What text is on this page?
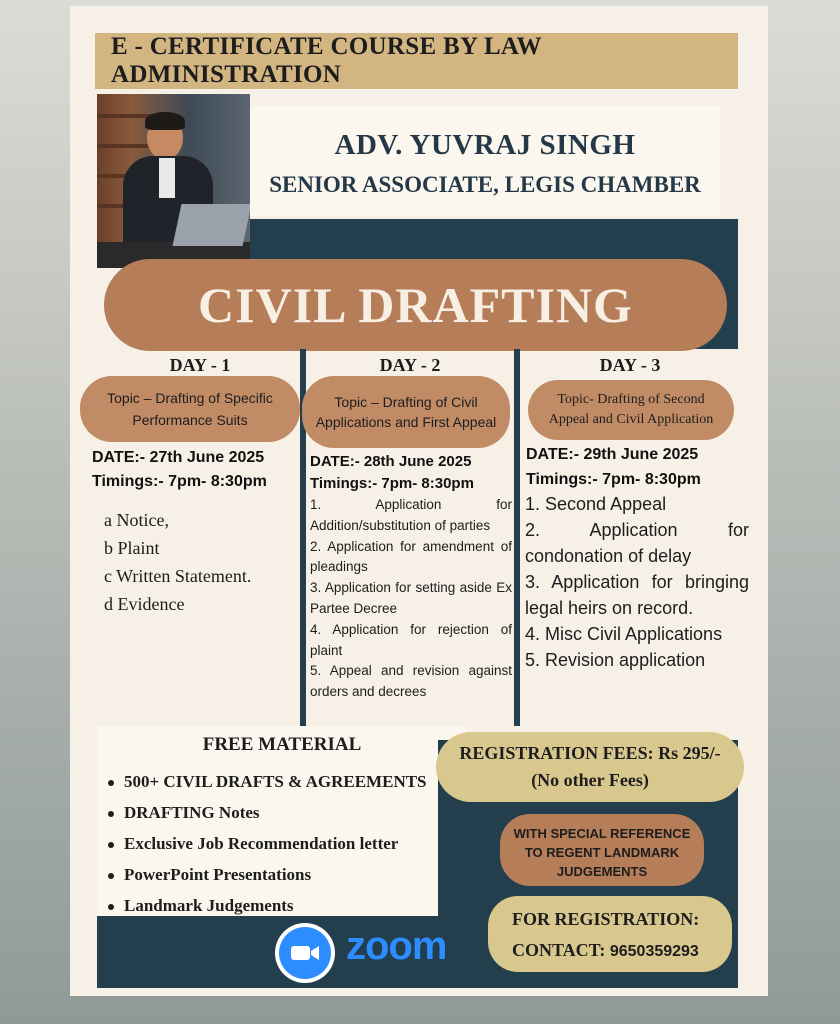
E - CERTIFICATE COURSE BY LAW ADMINISTRATION
ADV. YUVRAJ SINGH
SENIOR ASSOCIATE, LEGIS CHAMBER
CIVIL DRAFTING
DAY - 1
Topic – Drafting of Specific Performance Suits
DATE:- 27th June 2025
Timings:- 7pm- 8:30pm
a Notice,
b Plaint
c Written Statement.
d Evidence
DAY - 2
Topic – Drafting of Civil Applications and First Appeal
DATE:- 28th June 2025
Timings:- 7pm- 8:30pm
1. Application for Addition/substitution of parties
2. Application for amendment of pleadings
3. Application for setting aside Ex Partee Decree
4. Application for rejection of plaint
5. Appeal and revision against orders and decrees
DAY - 3
Topic- Drafting of Second Appeal and Civil Application
DATE:- 29th June 2025
Timings:- 7pm- 8:30pm
1. Second Appeal
2. Application for condonation of delay
3. Application for bringing legal heirs on record.
4. Misc Civil Applications
5. Revision application
FREE MATERIAL
500+ CIVIL DRAFTS & AGREEMENTS
DRAFTING Notes
Exclusive Job Recommendation letter
PowerPoint Presentations
Landmark Judgements
zoom
REGISTRATION FEES: Rs 295/-
(No other Fees)
WITH SPECIAL REFERENCE
TO REGENT LANDMARK
JUDGEMENTS
FOR REGISTRATION:
CONTACT: 9650359293
